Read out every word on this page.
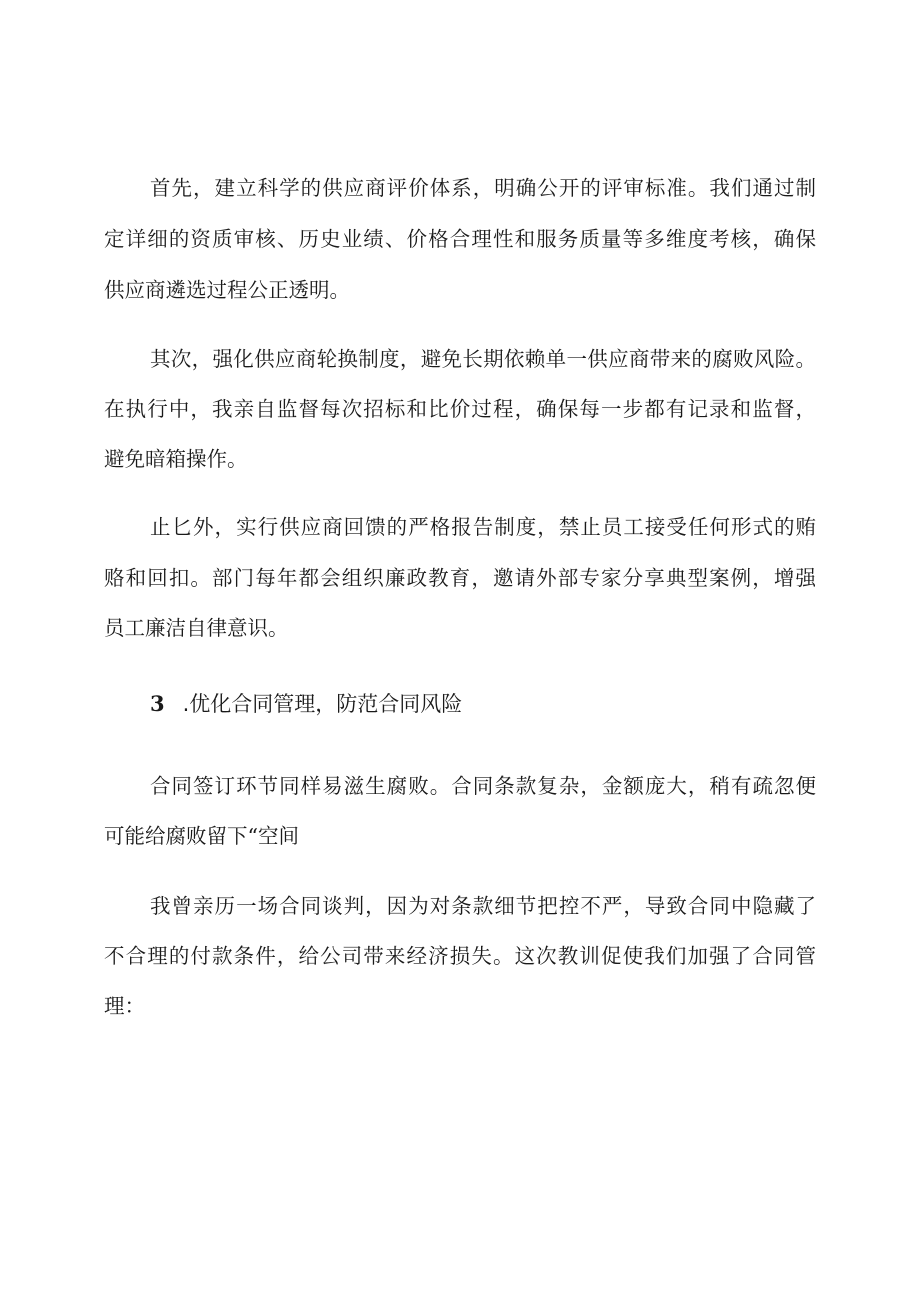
首先，建立科学的供应商评价体系，明确公开的评审标准。我们通过制
定详细的资质审核、历史业绩、价格合理性和服务质量等多维度考核，确保
供应商遴选过程公正透明。
其次，强化供应商轮换制度，避免长期依赖单一供应商带来的腐败风险。
在执行中，我亲自监督每次招标和比价过程，确保每一步都有记录和监督，
避免暗箱操作。
止匕外，实行供应商回馈的严格报告制度，禁止员工接受任何形式的贿
赂和回扣。部门每年都会组织廉政教育，邀请外部专家分享典型案例，增强
员工廉洁自律意识。
3 .优化合同管理，防范合同风险
合同签订环节同样易滋生腐败。合同条款复杂，金额庞大，稍有疏忽便
可能给腐败留下“空间
我曾亲历一场合同谈判，因为对条款细节把控不严，导致合同中隐藏了
不合理的付款条件，给公司带来经济损失。这次教训促使我们加强了合同管
理：
